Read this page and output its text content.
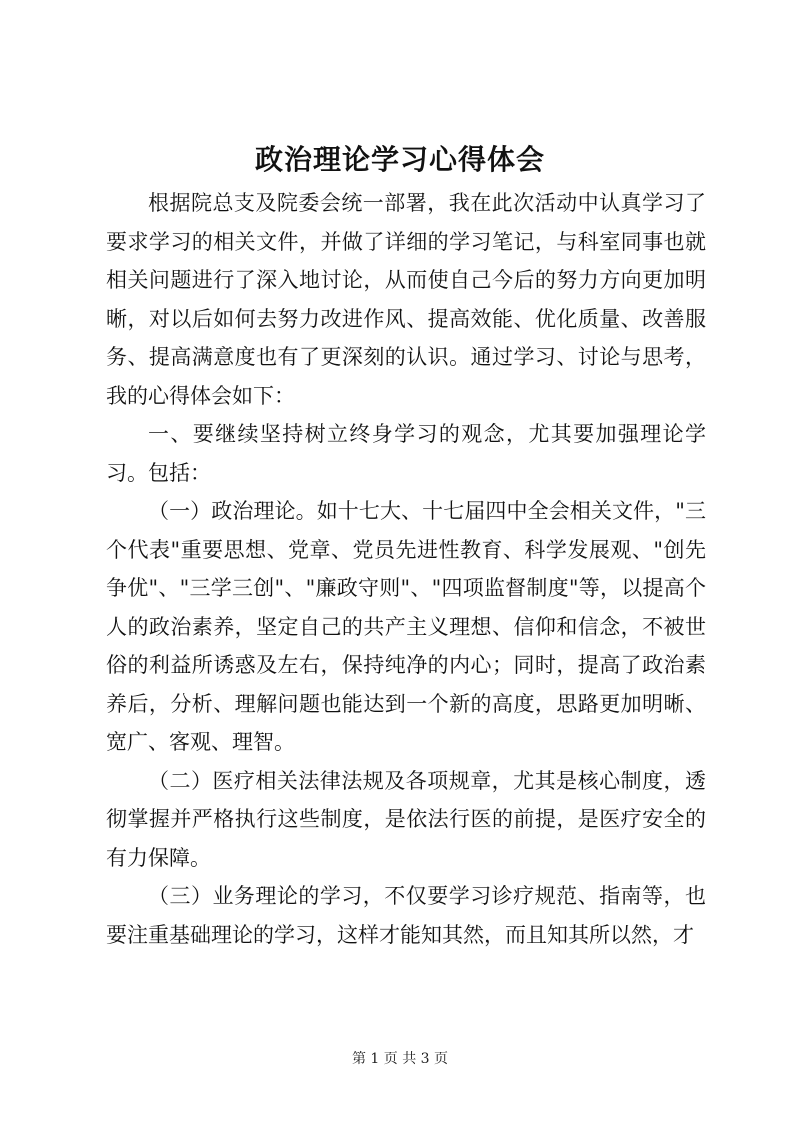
政治理论学习心得体会

根据院总支及院委会统一部署，我在此次活动中认真学习了要求学习的相关文件，并做了详细的学习笔记，与科室同事也就相关问题进行了深入地讨论，从而使自己今后的努力方向更加明晰，对以后如何去努力改进作风、提高效能、优化质量、改善服务、提高满意度也有了更深刻的认识。通过学习、讨论与思考，我的心得体会如下：

一、要继续坚持树立终身学习的观念，尤其要加强理论学习。包括：

（一）政治理论。如十七大、十七届四中全会相关文件，"三个代表"重要思想、党章、党员先进性教育、科学发展观、"创先争优"、"三学三创"、"廉政守则"、"四项监督制度"等，以提高个人的政治素养，坚定自己的共产主义理想、信仰和信念，不被世俗的利益所诱惑及左右，保持纯净的内心；同时，提高了政治素养后，分析、理解问题也能达到一个新的高度，思路更加明晰、宽广、客观、理智。

（二）医疗相关法律法规及各项规章，尤其是核心制度，透彻掌握并严格执行这些制度，是依法行医的前提，是医疗安全的有力保障。

（三）业务理论的学习，不仅要学习诊疗规范、指南等，也要注重基础理论的学习，这样才能知其然，而且知其所以然，才

第 1 页 共 3 页
